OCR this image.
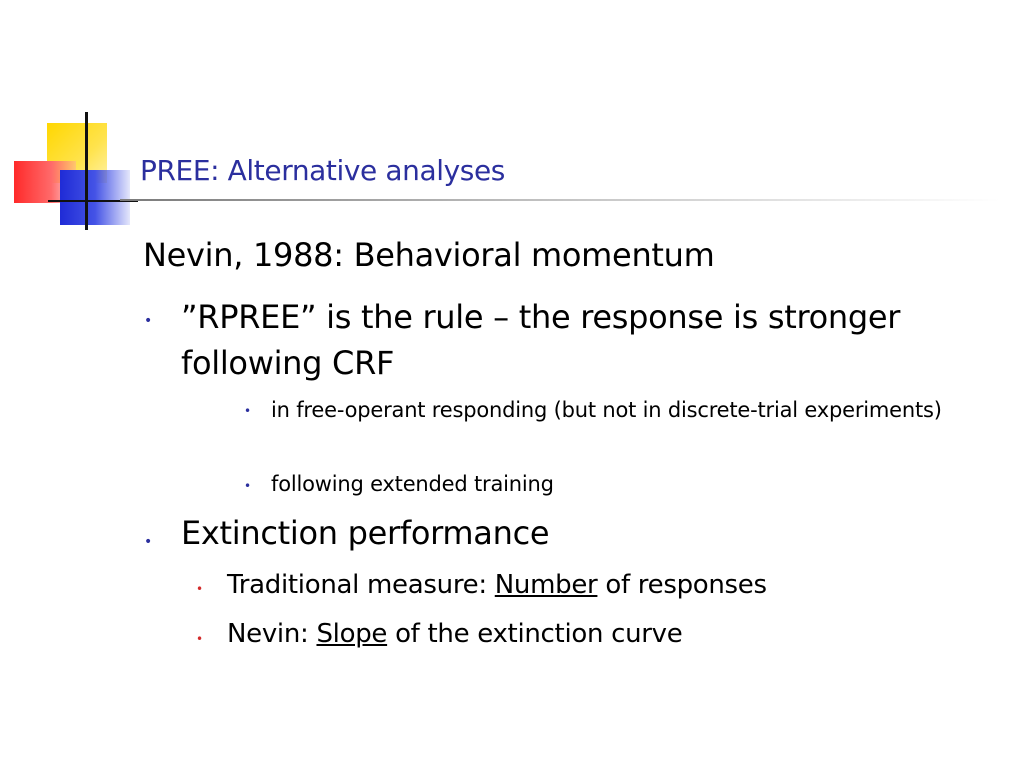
PREE: Alternative analyses
Nevin, 1988: Behavioral momentum
• ”RPREE” is the rule – the response is stronger following CRF
• in free-operant responding (but not in discrete-trial experiments)
• following extended training
• Extinction performance
• Traditional measure: Number of responses
• Nevin: Slope of the extinction curve
